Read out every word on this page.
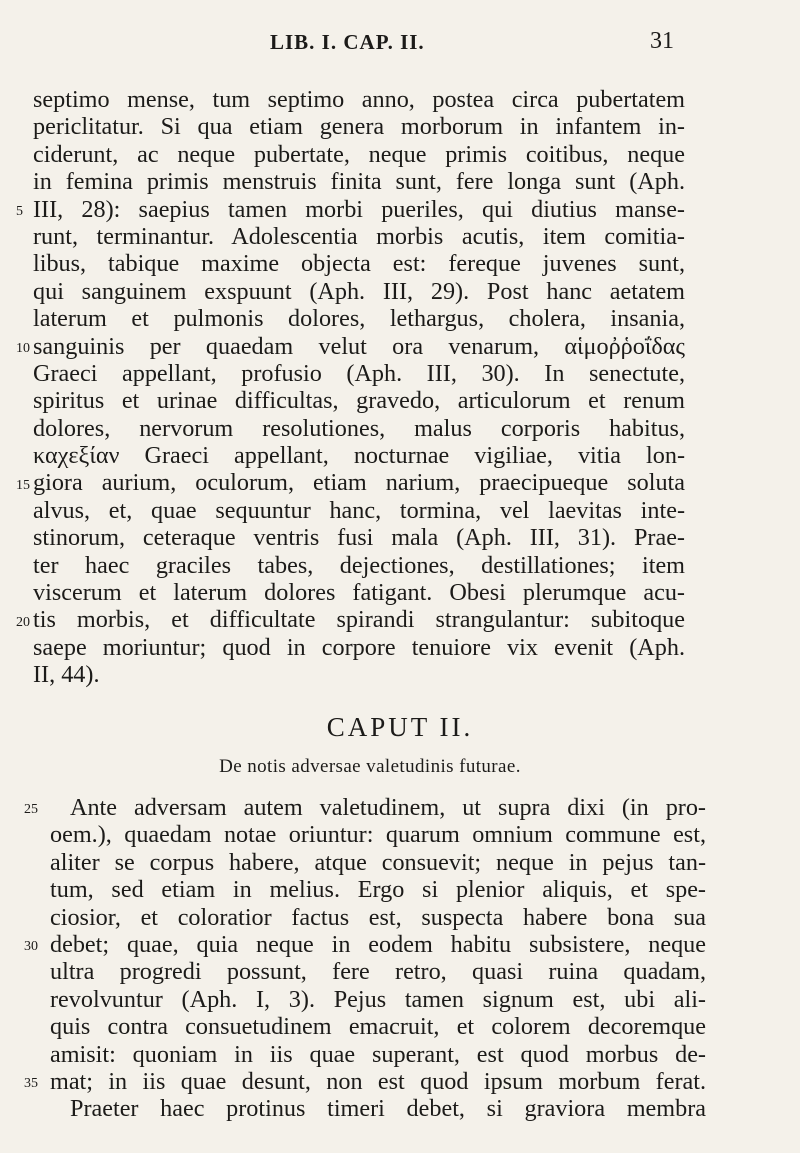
LIB. I. CAP. II.	31
septimo mense, tum septimo anno, postea circa pubertatem
periclitatur. Si qua etiam genera morborum in infantem in-
ciderunt, ac neque pubertate, neque primis coitibus, neque
in femina primis menstruis finita sunt, fere longa sunt (Aph.
III, 28): saepius tamen morbi pueriles, qui diutius manse-
runt, terminantur. Adolescentia morbis acutis, item comitia-
libus, tabique maxime objecta est: fereque juvenes sunt,
qui sanguinem exspuunt (Aph. III, 29). Post hanc aetatem
laterum et pulmonis dolores, lethargus, cholera, insania,
sanguinis per quaedam velut ora venarum, αἱμοῤῥοΐδας
Graeci appellant, profusio (Aph. III, 30). In senectute,
spiritus et urinae difficultas, gravedo, articulorum et renum
dolores, nervorum resolutiones, malus corporis habitus,
καχεξίαν Graeci appellant, nocturnae vigiliae, vitia lon-
giora aurium, oculorum, etiam narium, praecipueque soluta
alvus, et, quae sequuntur hanc, tormina, vel laevitas inte-
stinorum, ceteraque ventris fusi mala (Aph. III, 31). Prae-
ter haec graciles tabes, dejectiones, destillationes; item
viscerum et laterum dolores fatigant. Obesi plerumque acu-
tis morbis, et difficultate spirandi strangulantur: subitoque
saepe moriuntur; quod in corpore tenuiore vix evenit (Aph.
II, 44).
5
10
15
20
CAPUT II.
De notis adversae valetudinis futurae.
Ante adversam autem valetudinem, ut supra dixi (in pro-
oem.), quaedam notae oriuntur: quarum omnium commune est,
aliter se corpus habere, atque consuevit; neque in pejus tan-
tum, sed etiam in melius. Ergo si plenior aliquis, et spe-
ciosior, et coloratior factus est, suspecta habere bona sua
debet; quae, quia neque in eodem habitu subsistere, neque
ultra progredi possunt, fere retro, quasi ruina quadam,
revolvuntur (Aph. I, 3). Pejus tamen signum est, ubi ali-
quis contra consuetudinem emacruit, et colorem decoremque
amisit: quoniam in iis quae superant, est quod morbus de-
mat; in iis quae desunt, non est quod ipsum morbum ferat.
Praeter haec protinus timeri debet, si graviora membra
25
30
35
